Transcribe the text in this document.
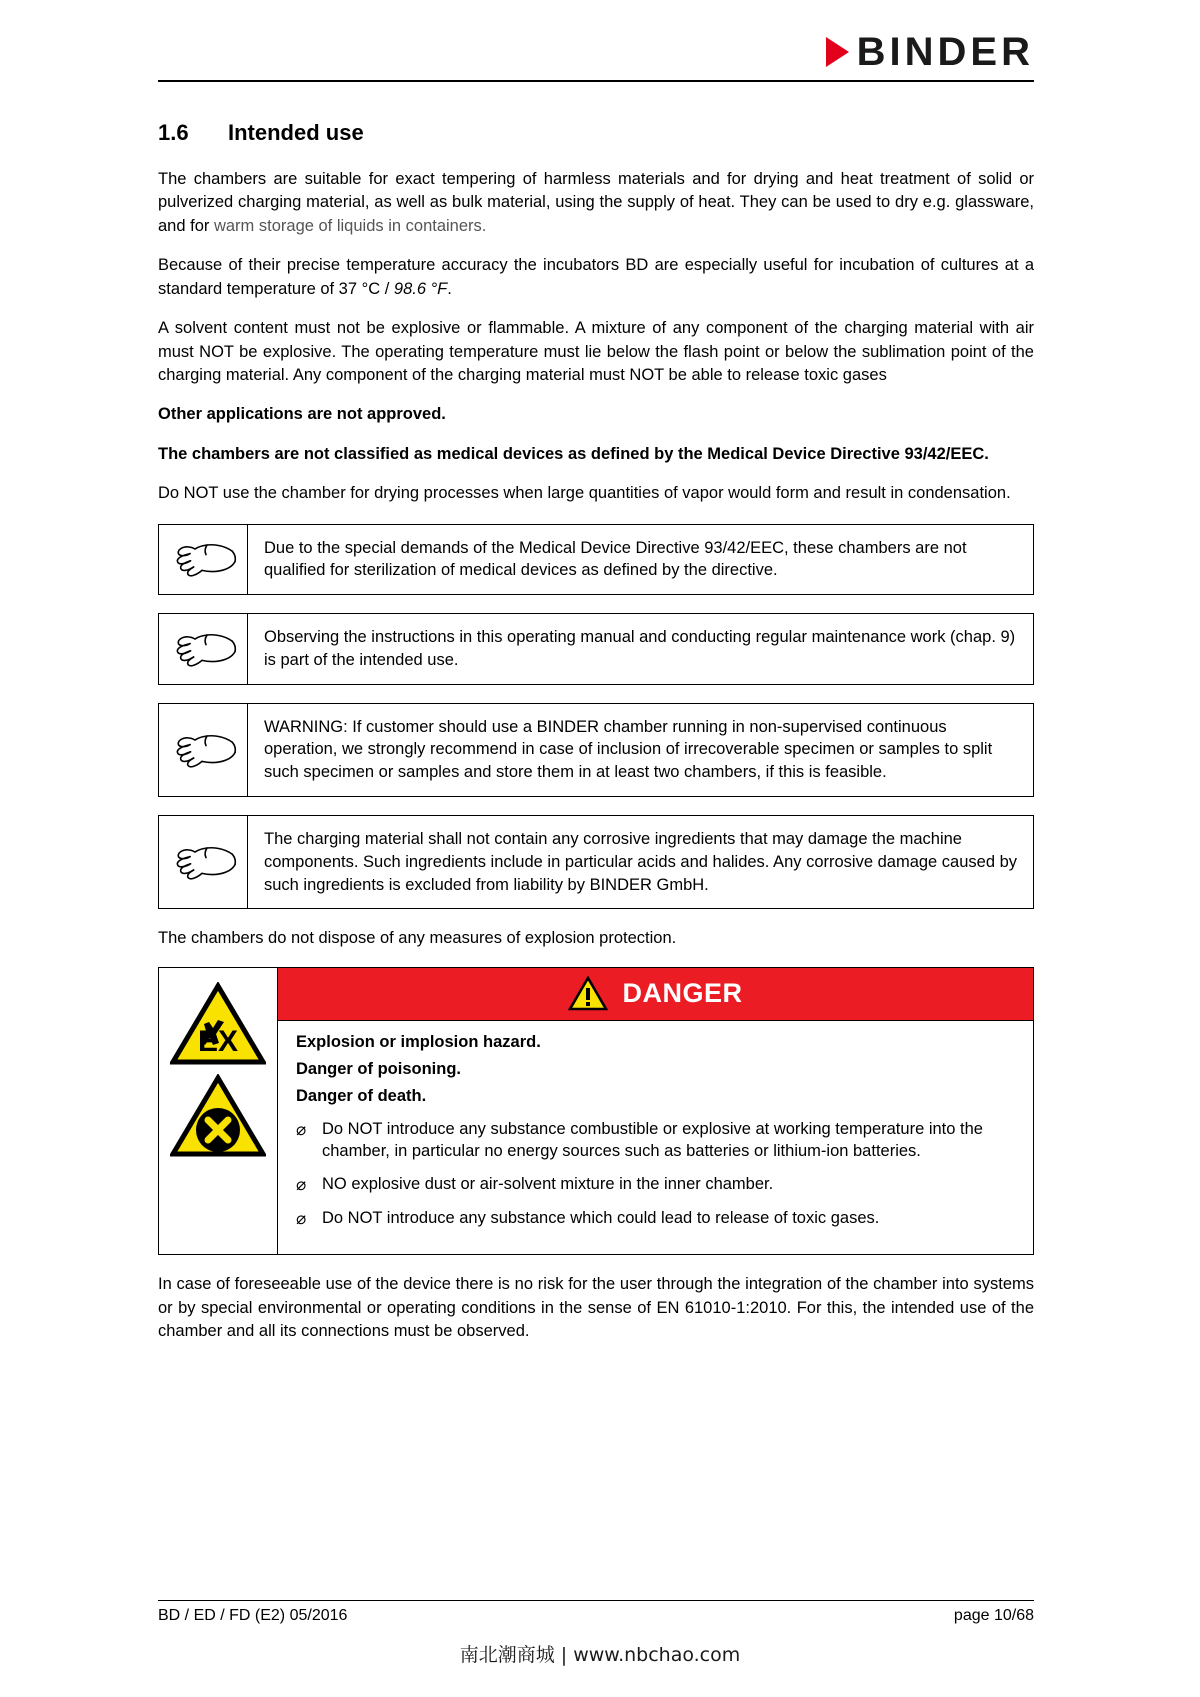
BINDER
1.6	Intended use

The chambers are suitable for exact tempering of harmless materials and for drying and heat treatment of solid or pulverized charging material, as well as bulk material, using the supply of heat. They can be used to dry e.g. glassware, and for warm storage of liquids in containers.

Because of their precise temperature accuracy the incubators BD are especially useful for incubation of cultures at a standard temperature of 37 °C / 98.6 °F.

A solvent content must not be explosive or flammable. A mixture of any component of the charging material with air must NOT be explosive. The operating temperature must lie below the flash point or below the sublimation point of the charging material. Any component of the charging material must NOT be able to release toxic gases

Other applications are not approved.

The chambers are not classified as medical devices as defined by the Medical Device Directive 93/42/EEC.

Do NOT use the chamber for drying processes when large quantities of vapor would form and result in condensation.

Due to the special demands of the Medical Device Directive 93/42/EEC, these chambers are not qualified for sterilization of medical devices as defined by the directive.
Observing the instructions in this operating manual and conducting regular maintenance work (chap. 9) is part of the intended use.
WARNING: If customer should use a BINDER chamber running in non-supervised continuous operation, we strongly recommend in case of inclusion of irrecoverable specimen or samples to split such specimen or samples and store them in at least two chambers, if this is feasible.
The charging material shall not contain any corrosive ingredients that may damage the machine components. Such ingredients include in particular acids and halides. Any corrosive damage caused by such ingredients is excluded from liability by BINDER GmbH.

The chambers do not dispose of any measures of explosion protection.

EX
DANGER
Explosion or implosion hazard.
Danger of poisoning.
Danger of death.
⌀ Do NOT introduce any substance combustible or explosive at working temperature into the chamber, in particular no energy sources such as batteries or lithium-ion batteries.
⌀ NO explosive dust or air-solvent mixture in the inner chamber.
⌀ Do NOT introduce any substance which could lead to release of toxic gases.

In case of foreseeable use of the device there is no risk for the user through the integration of the chamber into systems or by special environmental or operating conditions in the sense of EN 61010-1:2010. For this, the intended use of the chamber and all its connections must be observed.

BD / ED / FD (E2) 05/2016	page 10/68
南北潮商城 | www.nbchao.com
